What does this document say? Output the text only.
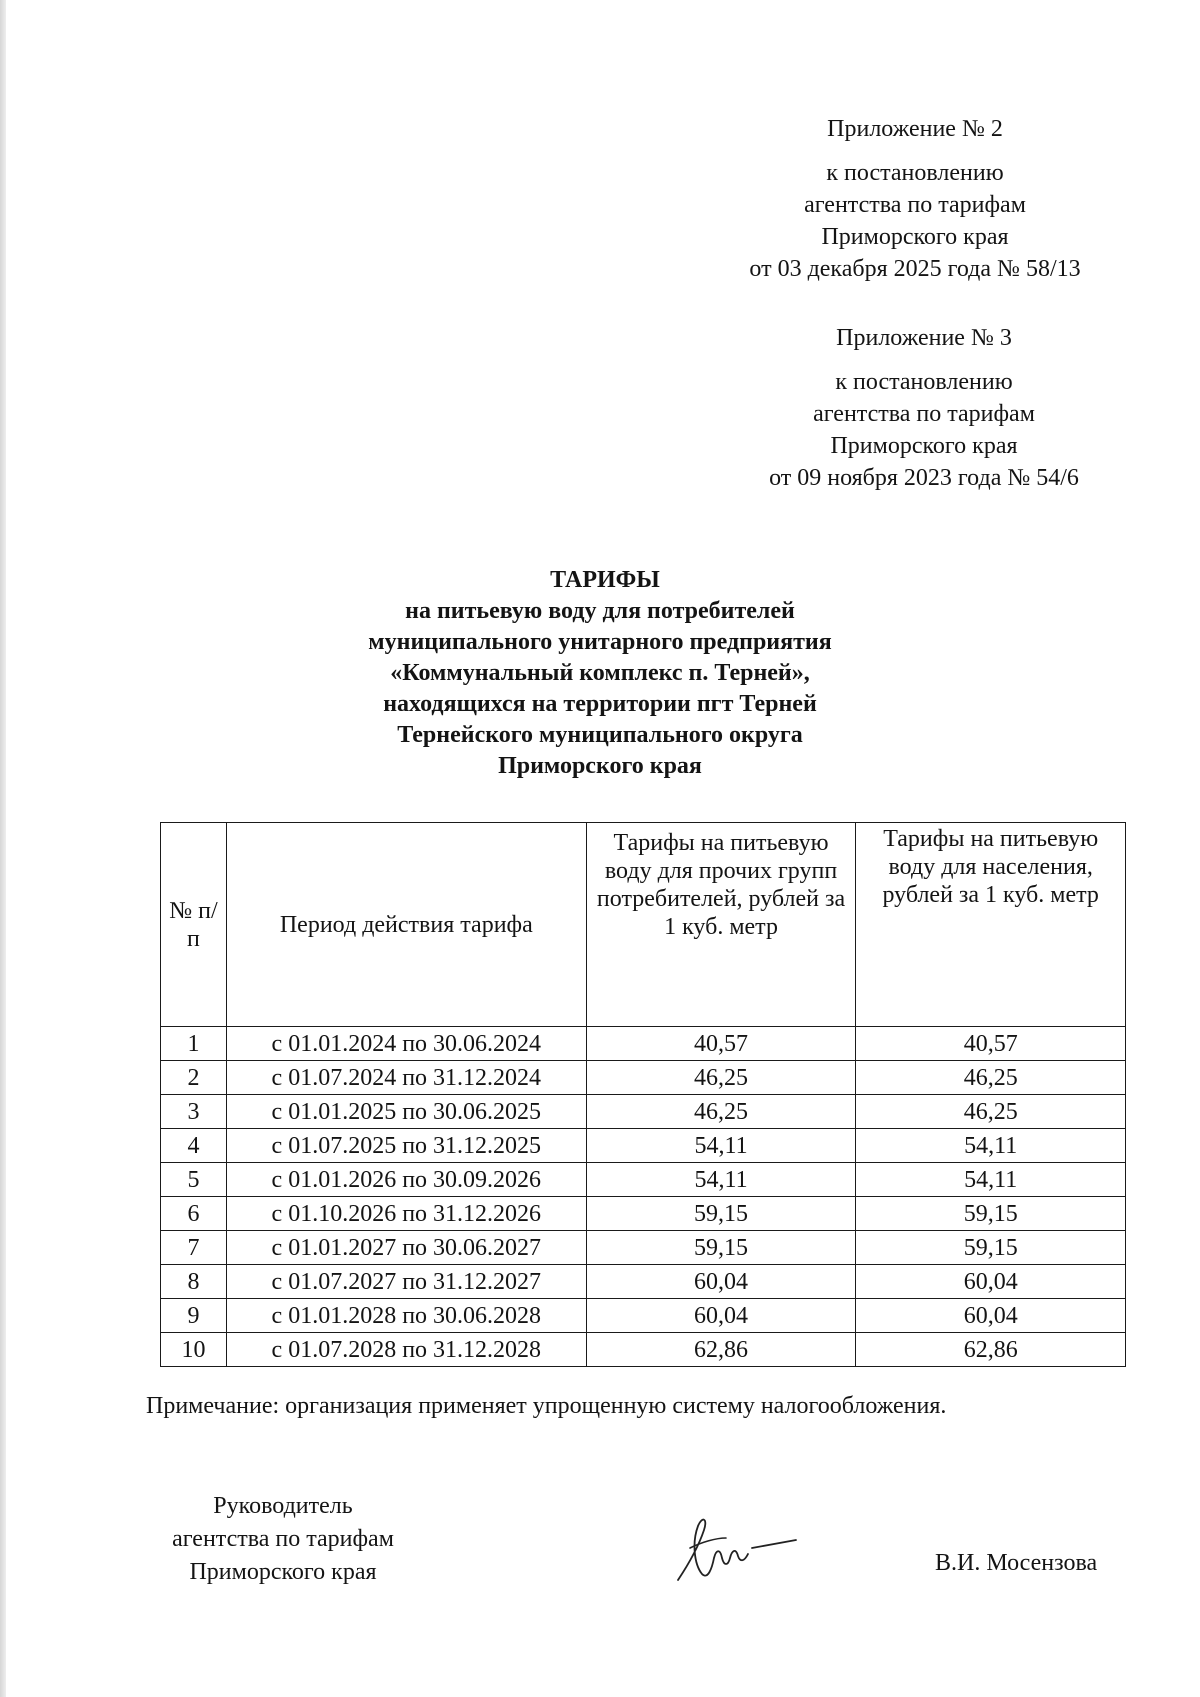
Приложение № 2
к постановлению
агентства по тарифам
Приморского края
от 03 декабря 2025 года № 58/13
Приложение № 3
к постановлению
агентства по тарифам
Приморского края
от 09 ноября 2023 года № 54/6
ТАРИФЫ
на питьевую воду для потребителей
муниципального унитарного предприятия
«Коммунальный комплекс п. Терней»,
находящихся на территории пгт Терней
Тернейского муниципального округа
Приморского края
№ п/п	Период действия тарифа	Тарифы на питьевую воду для прочих групп потребителей, рублей за 1 куб. метр	Тарифы на питьевую воду для населения, рублей за 1 куб. метр
1	с 01.01.2024 по 30.06.2024	40,57	40,57
2	с 01.07.2024 по 31.12.2024	46,25	46,25
3	с 01.01.2025 по 30.06.2025	46,25	46,25
4	с 01.07.2025 по 31.12.2025	54,11	54,11
5	с 01.01.2026 по 30.09.2026	54,11	54,11
6	с 01.10.2026 по 31.12.2026	59,15	59,15
7	с 01.01.2027 по 30.06.2027	59,15	59,15
8	с 01.07.2027 по 31.12.2027	60,04	60,04
9	с 01.01.2028 по 30.06.2028	60,04	60,04
10	с 01.07.2028 по 31.12.2028	62,86	62,86
Примечание: организация применяет упрощенную систему налогообложения.
Руководитель
агентства по тарифам
Приморского края	В.И. Мосензова
